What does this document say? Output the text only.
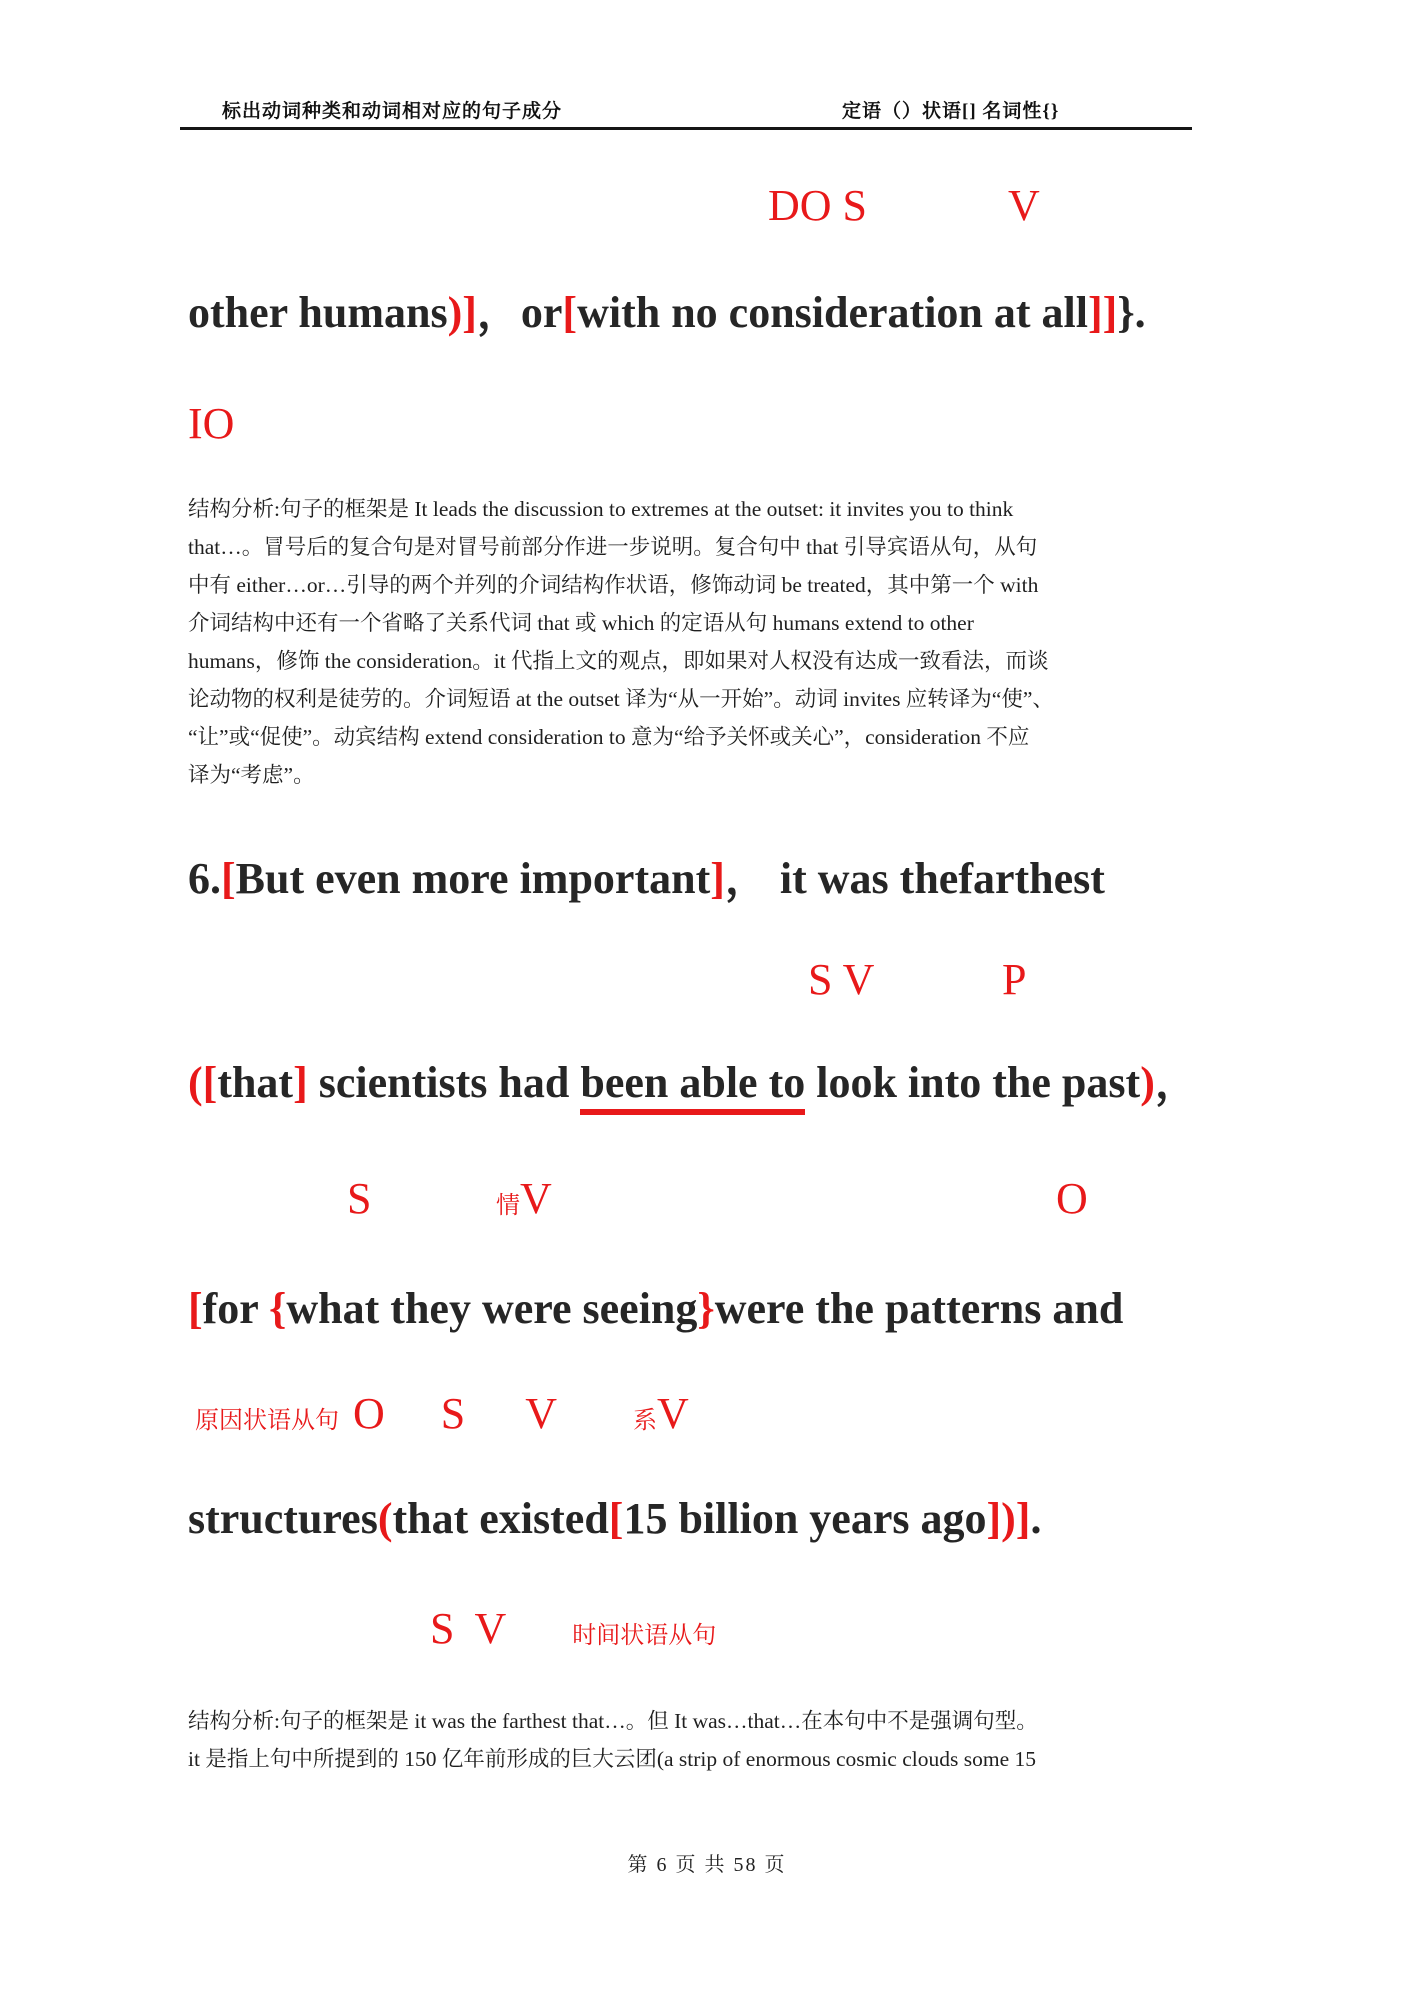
标出动词种类和动词相对应的句子成分	定语（）状语[] 名词性{}
DO S	V
other humans)]，or[with no consideration at all]]}.
IO
结构分析:句子的框架是 It leads the discussion to extremes at the outset: it invites you to think
that…。冒号后的复合句是对冒号前部分作进一步说明。复合句中 that 引导宾语从句，从句
中有 either…or…引导的两个并列的介词结构作状语，修饰动词 be treated，其中第一个 with
介词结构中还有一个省略了关系代词 that 或 which 的定语从句 humans extend to other
humans，修饰 the consideration。it 代指上文的观点，即如果对人权没有达成一致看法，而谈
论动物的权利是徒劳的。介词短语 at the outset 译为“从一开始”。动词 invites 应转译为“使”、
“让”或“促使”。动宾结构 extend consideration to 意为“给予关怀或关心”，consideration 不应
译为“考虑”。
6.[But even more important]， it was thefarthest
S V	P
([that] scientists had been able to look into the past)，
S	情V	O
[for {what they were seeing}were the patterns and
原因状语从句 O S V	系V
structures(that existed[15 billion years ago])].
S V	时间状语从句
结构分析:句子的框架是 it was the farthest that…。但 It was…that…在本句中不是强调句型。
it 是指上句中所提到的 150 亿年前形成的巨大云团(a strip of enormous cosmic clouds some 15
第 6 页 共 58 页
